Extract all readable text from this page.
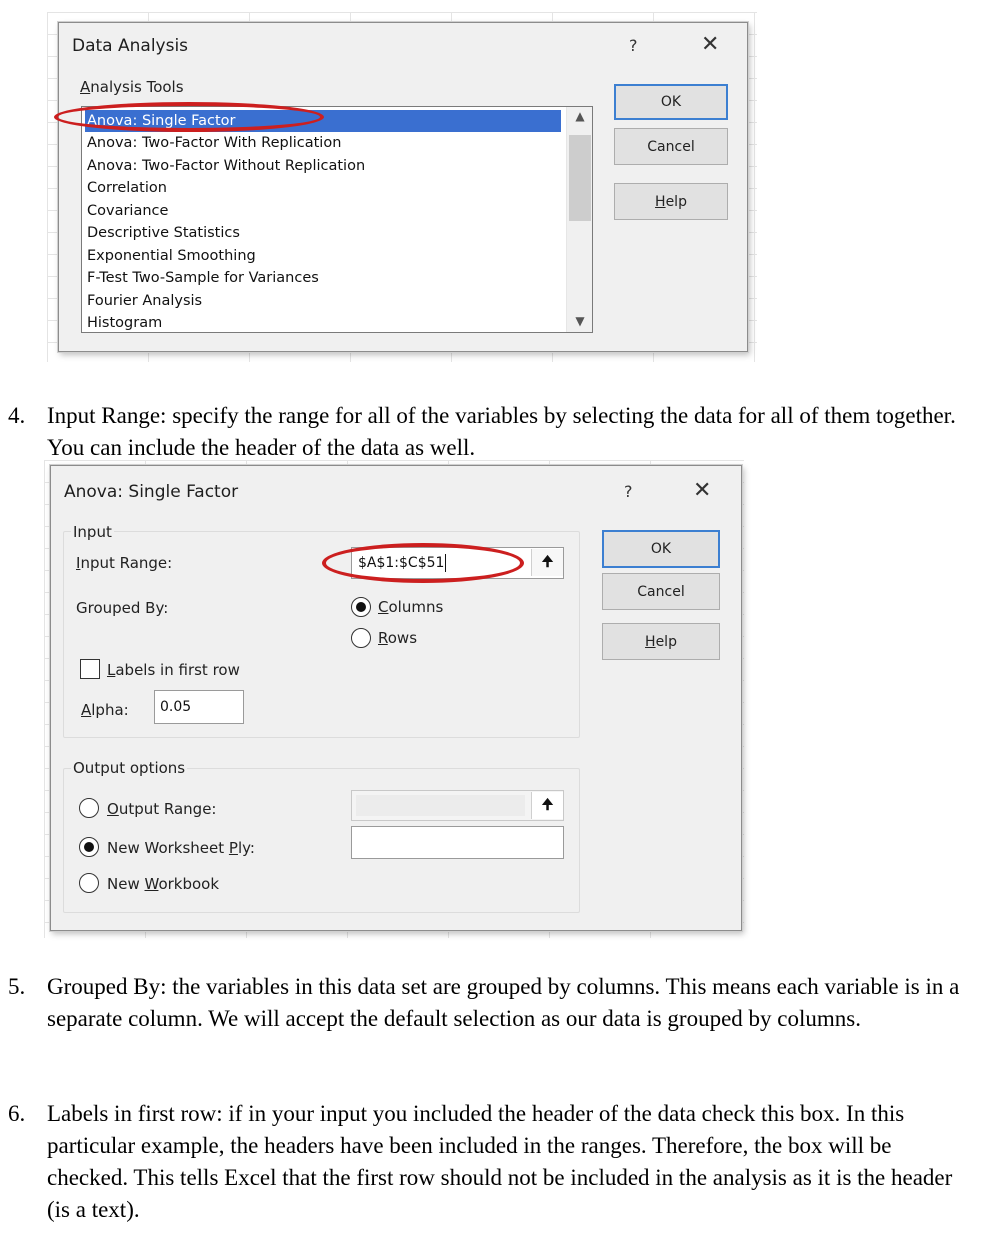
Data Analysis	?	✕
Analysis Tools
Anova: Single Factor
Anova: Two-Factor With Replication
Anova: Two-Factor Without Replication
Correlation
Covariance
Descriptive Statistics
Exponential Smoothing
F-Test Two-Sample for Variances
Fourier Analysis
Histogram
▲
▼
OK
Cancel
H elp
4. Input Range: specify the range for all of the variables by selecting the data for all of them together. You can include the header of the data as well.
Anova: Single Factor	?	✕
Input
Input Range:	$A$1:$C$51	🠉
Grouped By:	Columns
Rows
Labels in first row
Alpha:	0.05
Output options
Output Range:	🠉
New Worksheet Ply:
New Workbook
OK
Cancel
H elp
5. Grouped By: the variables in this data set are grouped by columns. This means each variable is in a separate column. We will accept the default selection as our data is grouped by columns.
6. Labels in first row: if in your input you included the header of the data check this box. In this particular example, the headers have been included in the ranges. Therefore, the box will be checked. This tells Excel that the first row should not be included in the analysis as it is the header (is a text).
